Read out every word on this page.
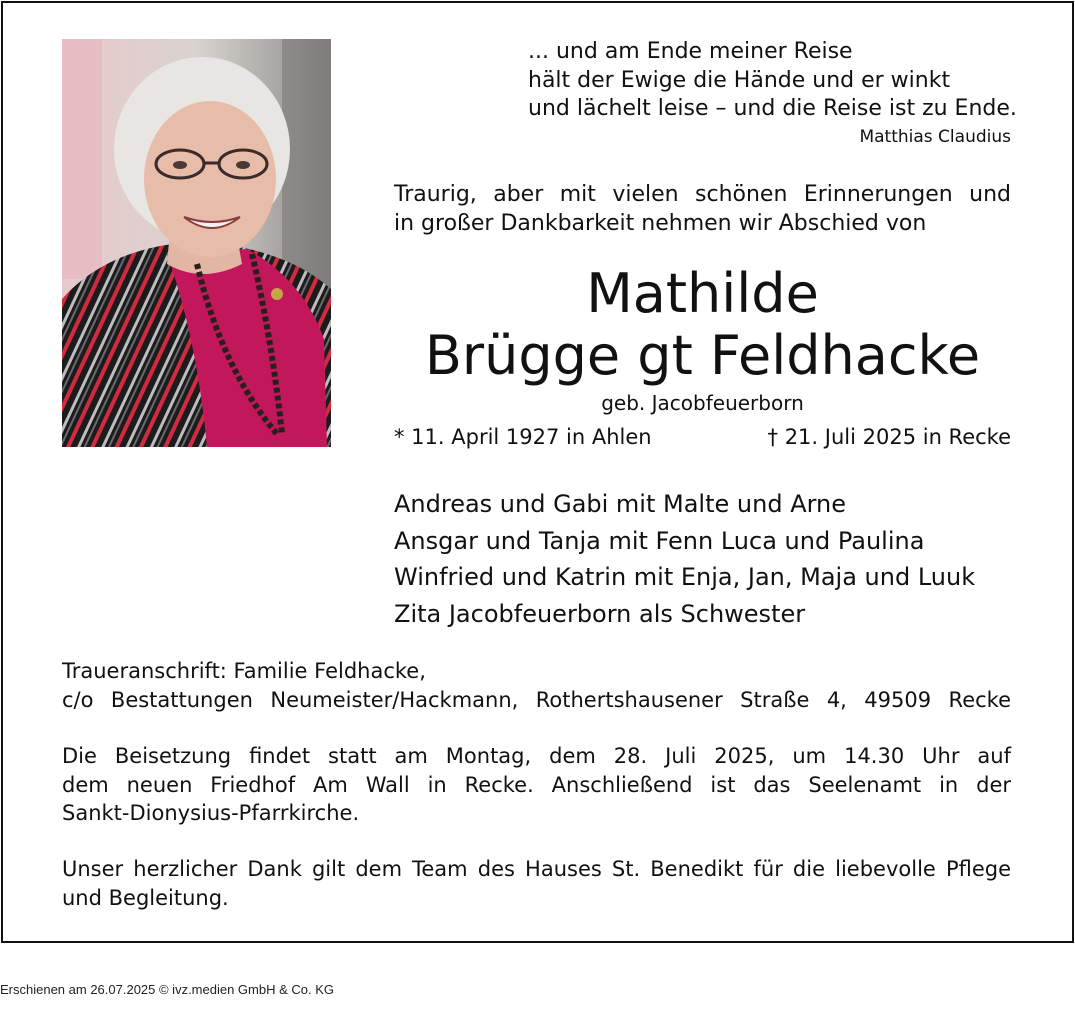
... und am Ende meiner Reise
hält der Ewige die Hände und er winkt
und lächelt leise – und die Reise ist zu Ende.
Matthias Claudius
Traurig, aber mit vielen schönen Erinnerungen und
in großer Dankbarkeit nehmen wir Abschied von
Mathilde
Brügge gt Feldhacke
geb. Jacobfeuerborn
* 11. April 1927 in Ahlen	† 21. Juli 2025 in Recke
Andreas und Gabi mit Malte und Arne
Ansgar und Tanja mit Fenn Luca und Paulina
Winfried und Katrin mit Enja, Jan, Maja und Luuk
Zita Jacobfeuerborn als Schwester
Traueranschrift: Familie Feldhacke,
c/o Bestattungen Neumeister/Hackmann, Rothertshausener Straße 4, 49509 Recke
Die Beisetzung findet statt am Montag, dem 28. Juli 2025, um 14.30 Uhr auf
dem neuen Friedhof Am Wall in Recke. Anschließend ist das Seelenamt in der
Sankt-Dionysius-Pfarrkirche.
Unser herzlicher Dank gilt dem Team des Hauses St. Benedikt für die liebevolle Pflege
und Begleitung.
Erschienen am 26.07.2025 © ivz.medien GmbH & Co. KG
